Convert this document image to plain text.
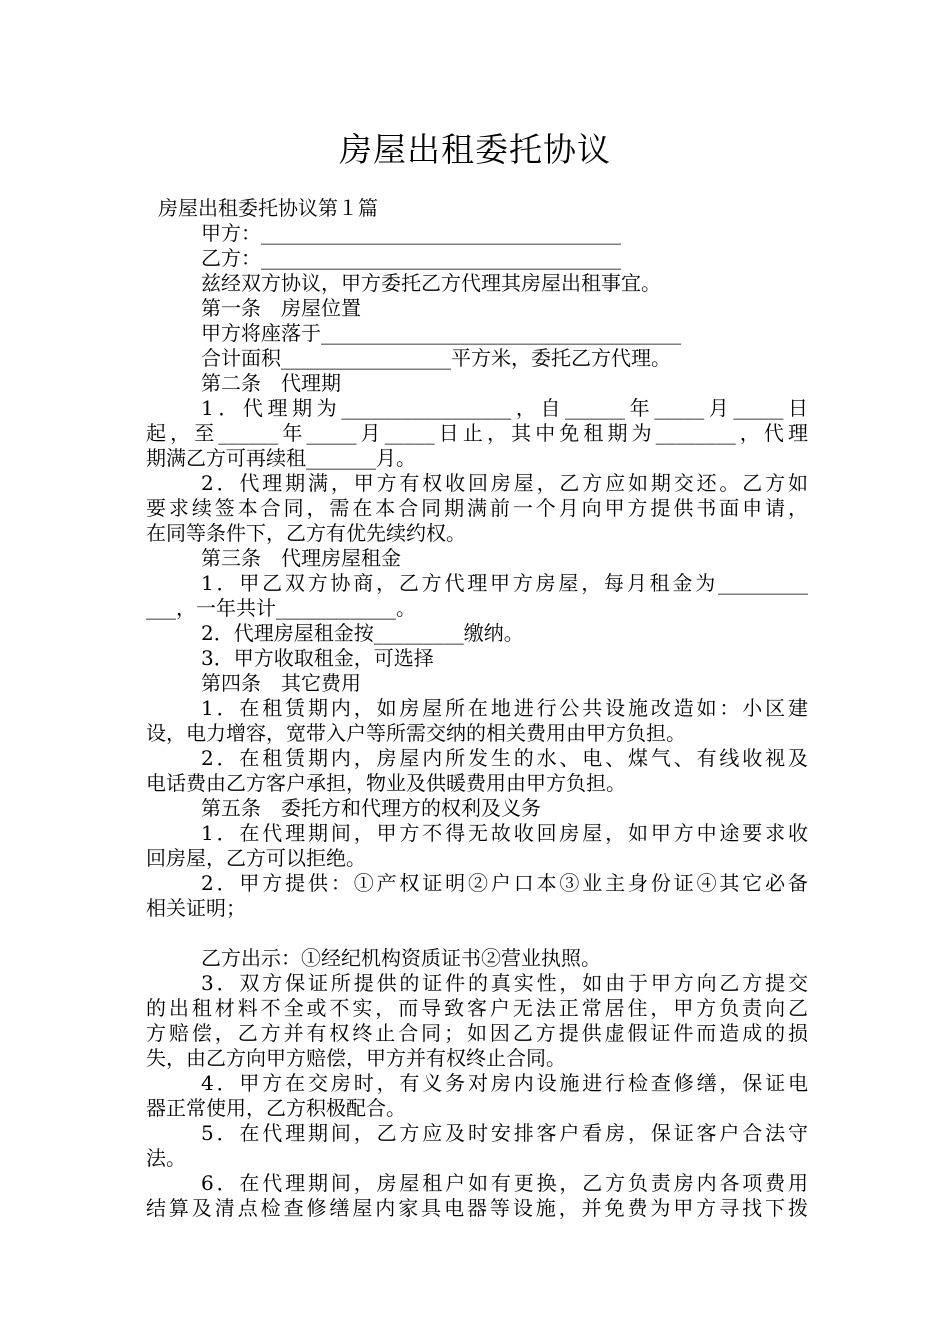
房屋出租委托协议
房屋出租委托协议第１篇
甲方：____________________________________
乙方：____________________________________
兹经双方协议，甲方委托乙方代理其房屋出租事宜。
第一条　房屋位置
甲方将座落于____________________________________
合计面积_________________平方米，委托乙方代理。
第二条　代理期
1．代理期为_________________，自______年_____月_____日
起，至______年_____月_____日止，其中免租期为________，代理
期满乙方可再续租_______月。
2．代理期满，甲方有权收回房屋，乙方应如期交还。乙方如
要求续签本合同，需在本合同期满前一个月向甲方提供书面申请，
在同等条件下，乙方有优先续约权。
第三条　代理房屋租金
1．甲乙双方协商，乙方代理甲方房屋，每月租金为_________
___，一年共计____________。
2．代理房屋租金按_________缴纳。
3．甲方收取租金，可选择
第四条　其它费用
1．在租赁期内，如房屋所在地进行公共设施改造如：小区建
设，电力增容，宽带入户等所需交纳的相关费用由甲方负担。
2．在租赁期内，房屋内所发生的水、电、煤气、有线收视及
电话费由乙方客户承担，物业及供暖费用由甲方负担。
第五条　委托方和代理方的权利及义务
1．在代理期间，甲方不得无故收回房屋，如甲方中途要求收
回房屋，乙方可以拒绝。
2．甲方提供：①产权证明②户口本③业主身份证④其它必备
相关证明；
乙方出示：①经纪机构资质证书②营业执照。
3．双方保证所提供的证件的真实性，如由于甲方向乙方提交
的出租材料不全或不实，而导致客户无法正常居住，甲方负责向乙
方赔偿，乙方并有权终止合同；如因乙方提供虚假证件而造成的损
失，由乙方向甲方赔偿，甲方并有权终止合同。
4．甲方在交房时，有义务对房内设施进行检查修缮，保证电
器正常使用，乙方积极配合。
5．在代理期间，乙方应及时安排客户看房，保证客户合法守
法。
6．在代理期间，房屋租户如有更换，乙方负责房内各项费用
结算及清点检查修缮屋内家具电器等设施，并免费为甲方寻找下拨
